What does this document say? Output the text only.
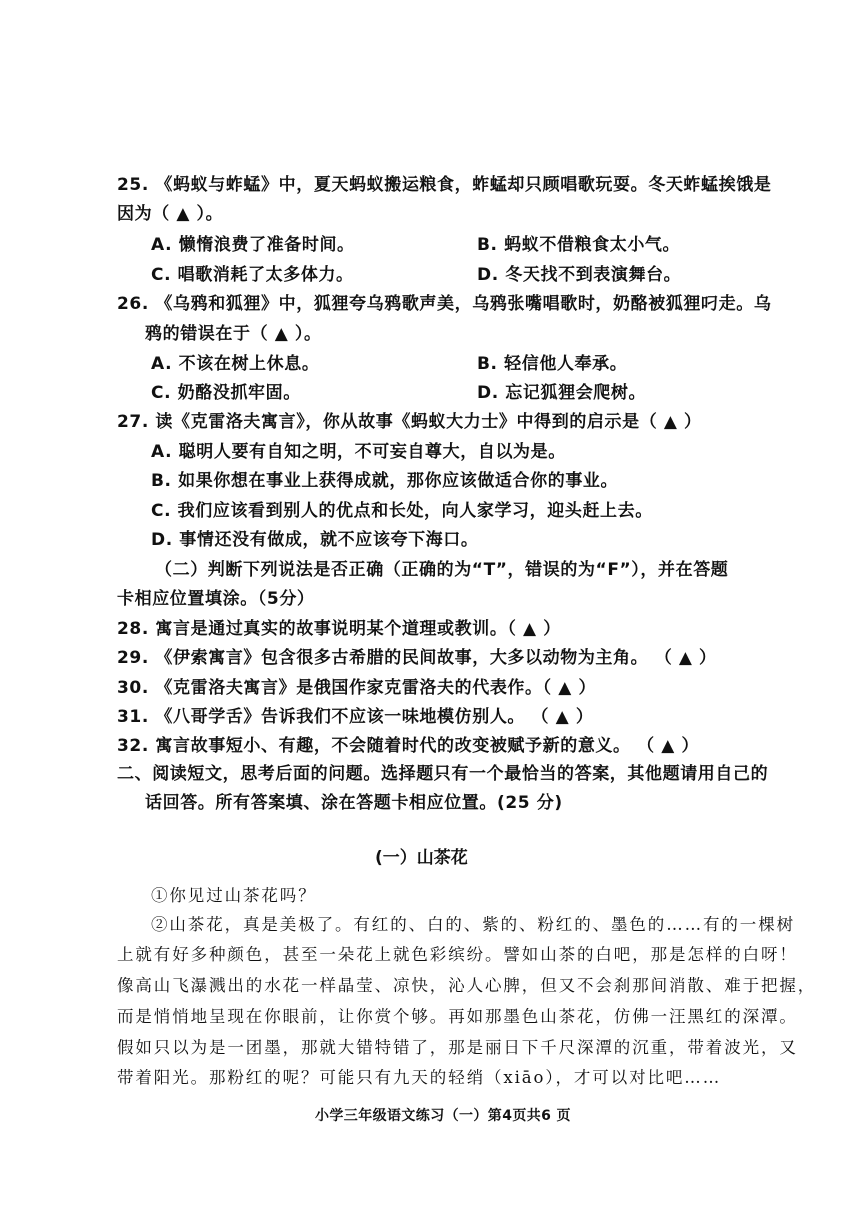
25. 《蚂蚁与蚱蜢》中，夏天蚂蚁搬运粮食，蚱蜢却只顾唱歌玩耍。冬天蚱蜢挨饿是
因为（ ▲ ）。
A. 懒惰浪费了准备时间。	B. 蚂蚁不借粮食太小气。
C. 唱歌消耗了太多体力。	D. 冬天找不到表演舞台。
26. 《乌鸦和狐狸》中，狐狸夸乌鸦歌声美，乌鸦张嘴唱歌时，奶酪被狐狸叼走。乌
鸦的错误在于（ ▲ ）。
A. 不该在树上休息。	B. 轻信他人奉承。
C. 奶酪没抓牢固。	D. 忘记狐狸会爬树。
27. 读《克雷洛夫寓言》，你从故事《蚂蚁大力士》中得到的启示是（ ▲ ）
A. 聪明人要有自知之明，不可妄自尊大，自以为是。
B. 如果你想在事业上获得成就，那你应该做适合你的事业。
C. 我们应该看到别人的优点和长处，向人家学习，迎头赶上去。
D. 事情还没有做成，就不应该夸下海口。
（二）判断下列说法是否正确（正确的为“T”，错误的为“F”），并在答题
卡相应位置填涂。（5分）
28. 寓言是通过真实的故事说明某个道理或教训。（ ▲ ）
29. 《伊索寓言》包含很多古希腊的民间故事，大多以动物为主角。 （ ▲ ）
30. 《克雷洛夫寓言》是俄国作家克雷洛夫的代表作。（ ▲ ）
31. 《八哥学舌》告诉我们不应该一味地模仿别人。 （ ▲ ）
32. 寓言故事短小、有趣，不会随着时代的改变被赋予新的意义。 （ ▲ ）
二、阅读短文，思考后面的问题。选择题只有一个最恰当的答案，其他题请用自己的
话回答。所有答案填、涂在答题卡相应位置。(25 分)
(一）山茶花
①你见过山茶花吗？
②山茶花，真是美极了。有红的、白的、紫的、粉红的、墨色的……有的一棵树
上就有好多种颜色，甚至一朵花上就色彩缤纷。譬如山茶的白吧，那是怎样的白呀！
像高山飞瀑溅出的水花一样晶莹、凉快，沁人心脾，但又不会刹那间消散、难于把握，
而是悄悄地呈现在你眼前，让你赏个够。再如那墨色山茶花，仿佛一汪黑红的深潭。
假如只以为是一团墨，那就大错特错了，那是丽日下千尺深潭的沉重，带着波光，又
带着阳光。那粉红的呢？可能只有九天的轻绡（xiāo），才可以对比吧……
小学三年级语文练习（一）第4页共6 页
